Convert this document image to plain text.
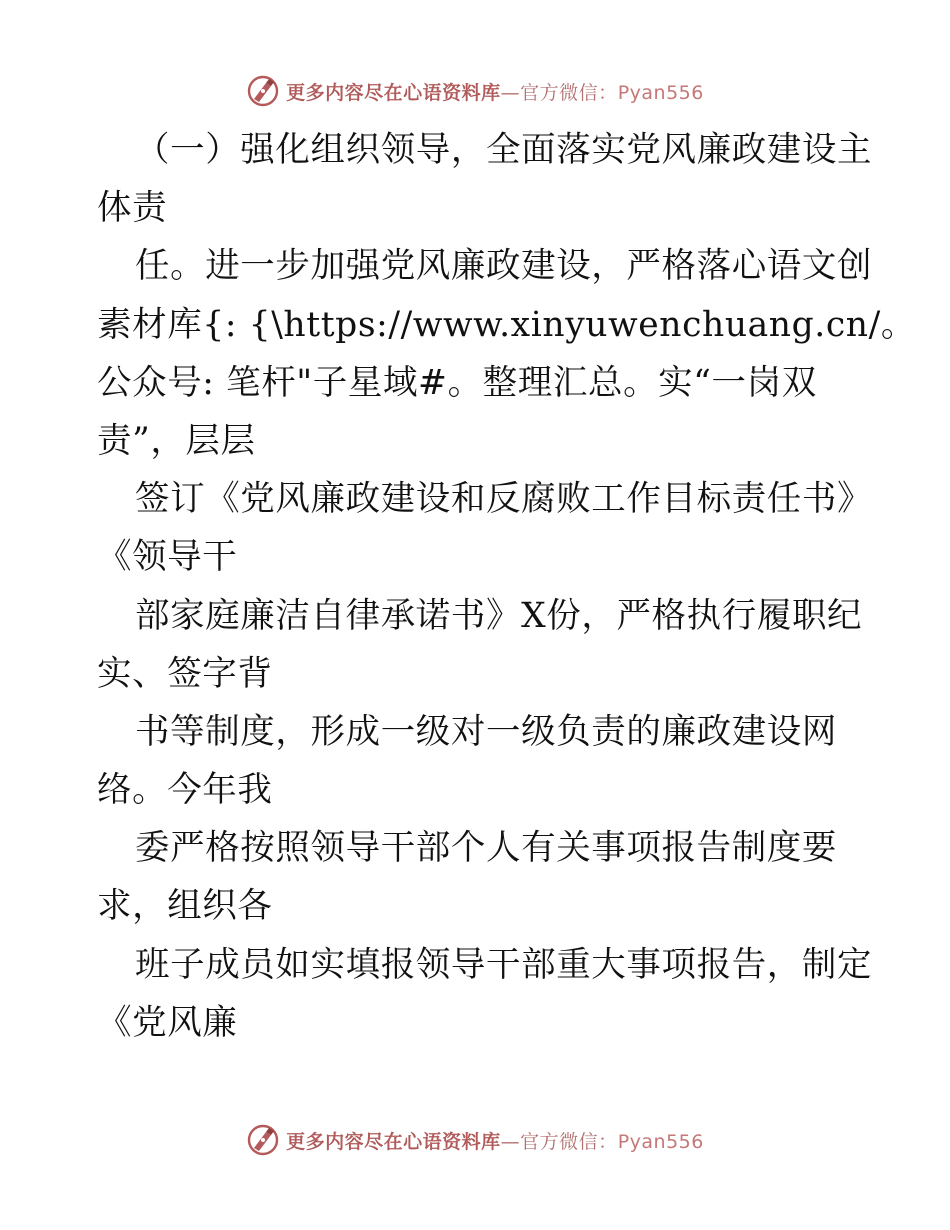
更多内容尽在心语资料库—官方微信：Pyan556
（一）强化组织领导，全面落实党风廉政建设主
体责
任。进一步加强党风廉政建设，严格落心语文创
素材库{: {\https://www.xinyuwenchuang.cn/。
公众号: 笔杆"子星域#。整理汇总。实“一岗双
责”，层层
签订《党风廉政建设和反腐败工作目标责任书》
《领导干
部家庭廉洁自律承诺书》X份，严格执行履职纪
实、签字背
书等制度，形成一级对一级负责的廉政建设网
络。今年我
委严格按照领导干部个人有关事项报告制度要
求，组织各
班子成员如实填报领导干部重大事项报告，制定
《党风廉
更多内容尽在心语资料库—官方微信：Pyan556
